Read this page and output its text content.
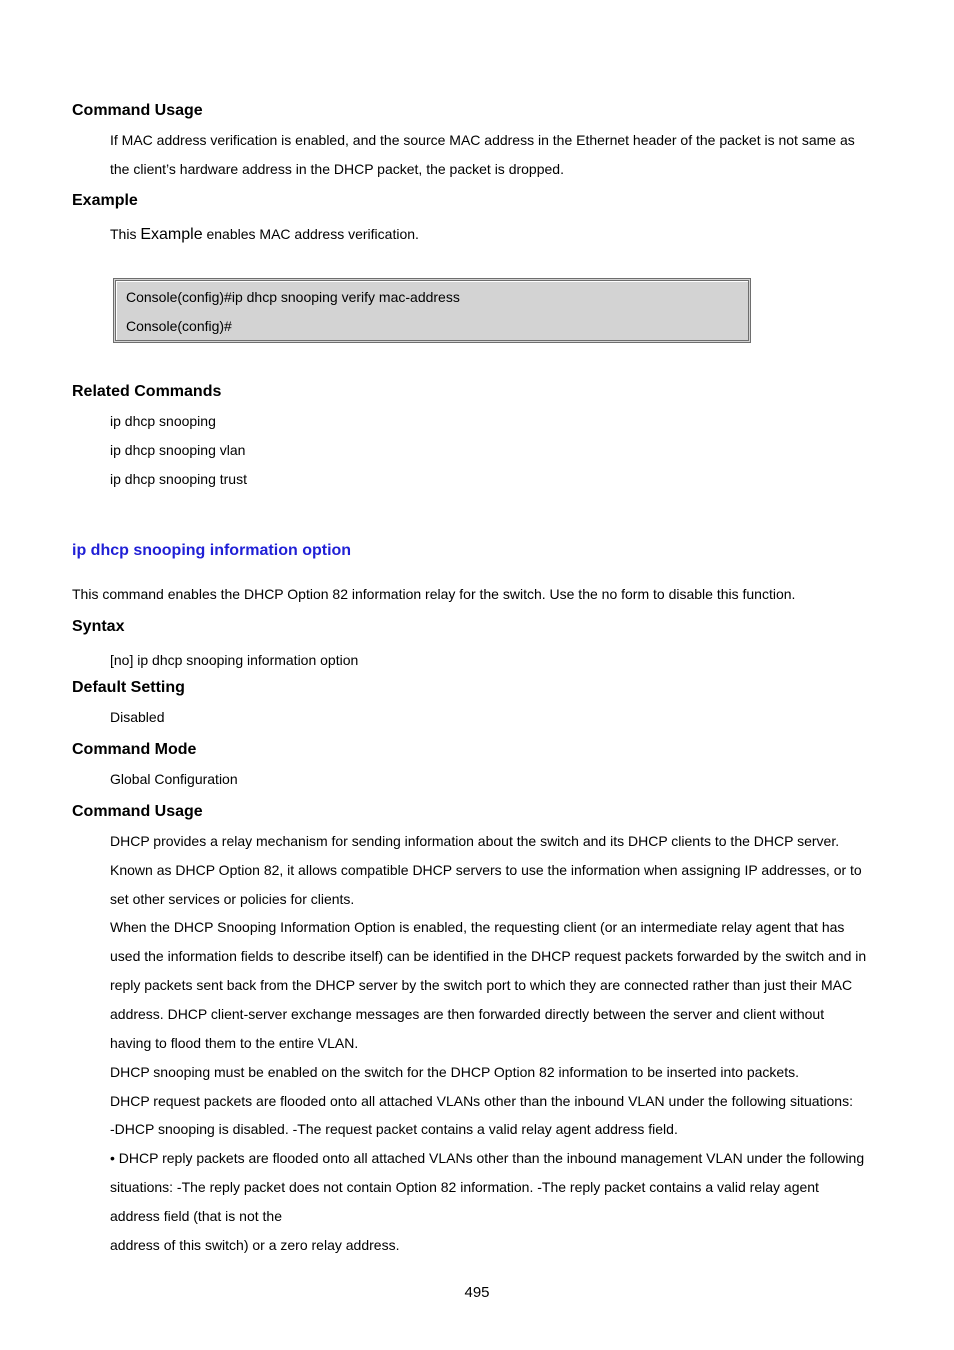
Command Usage
If MAC address verification is enabled, and the source MAC address in the Ethernet header of the packet is not same as
the client’s hardware address in the DHCP packet, the packet is dropped.
Example
This Example enables MAC address verification.
Console(config)#ip dhcp snooping verify mac-address
Console(config)#
Related Commands
ip dhcp snooping
ip dhcp snooping vlan
ip dhcp snooping trust
ip dhcp snooping information option
This command enables the DHCP Option 82 information relay for the switch. Use the no form to disable this function.
Syntax
[no] ip dhcp snooping information option
Default Setting
Disabled
Command Mode
Global Configuration
Command Usage
DHCP provides a relay mechanism for sending information about the switch and its DHCP clients to the DHCP server.
Known as DHCP Option 82, it allows compatible DHCP servers to use the information when assigning IP addresses, or to
set other services or policies for clients.
When the DHCP Snooping Information Option is enabled, the requesting client (or an intermediate relay agent that has
used the information fields to describe itself) can be identified in the DHCP request packets forwarded by the switch and in
reply packets sent back from the DHCP server by the switch port to which they are connected rather than just their MAC
address. DHCP client-server exchange messages are then forwarded directly between the server and client without
having to flood them to the entire VLAN.
DHCP snooping must be enabled on the switch for the DHCP Option 82 information to be inserted into packets.
DHCP request packets are flooded onto all attached VLANs other than the inbound VLAN under the following situations:
-DHCP snooping is disabled. -The request packet contains a valid relay agent address field.
• DHCP reply packets are flooded onto all attached VLANs other than the inbound management VLAN under the following
situations: -The reply packet does not contain Option 82 information. -The reply packet contains a valid relay agent
address field (that is not the
address of this switch) or a zero relay address.
495
